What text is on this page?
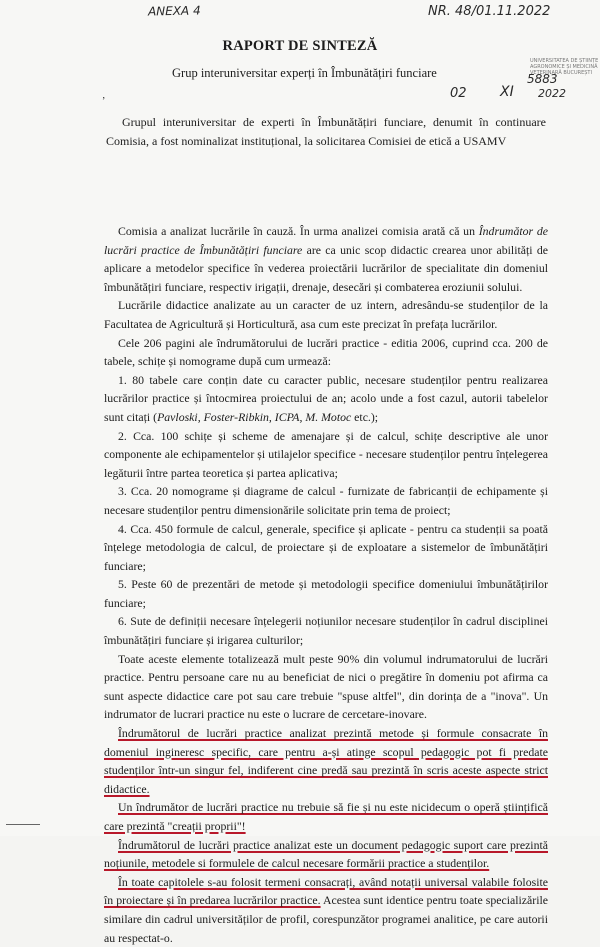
ANEXA 4	NR. 48/01.11.2022
UNIVERSITATEA DE ȘTIINȚE
AGRONOMICE ȘI MEDICINĂ
VETERINARĂ BUCUREȘTI
5883
02 XI 2022
RAPORT DE SINTEZĂ
Grup interuniversitar experți în Îmbunătățiri funciare
ʼ
Grupul interuniversitar de experti în Îmbunătățiri funciare, denumit în continuare Comisia, a fost nominalizat instituțional, la solicitarea Comisiei de etică a USAMV

Comisia a analizat lucrările în cauză. În urma analizei comisia arată că un Îndrumător de lucrări practice de Îmbunătățiri funciare are ca unic scop didactic crearea unor abilități de aplicare a metodelor specifice în vederea proiectării lucrărilor de specialitate din domeniul îmbunătățiri funciare, respectiv irigații, drenaje, desecări și combaterea eroziunii solului.

Lucrările didactice analizate au un caracter de uz intern, adresându-se studenților de la Facultatea de Agricultură și Horticultură, asa cum este precizat în prefața lucrărilor.

Cele 206 pagini ale îndrumătorului de lucrări practice - editia 2006, cuprind cca. 200 de tabele, schițe și nomograme după cum urmează:

1. 80 tabele care conțin date cu caracter public, necesare studenților pentru realizarea lucrărilor practice și întocmirea proiectului de an; acolo unde a fost cazul, autorii tabelelor sunt citați (Pavloski, Foster-Ribkin, ICPA, M. Motoc etc.);

2. Cca. 100 schițe și scheme de amenajare și de calcul, schițe descriptive ale unor componente ale echipamentelor și utilajelor specifice - necesare studenților pentru înțelegerea legăturii între partea teoretica și partea aplicativa;

3. Cca. 20 nomograme și diagrame de calcul - furnizate de fabricanții de echipamente și necesare studenților pentru dimensionările solicitate prin tema de proiect;

4. Cca. 450 formule de calcul, generale, specifice și aplicate - pentru ca studenții sa poată înțelege metodologia de calcul, de proiectare și de exploatare a sistemelor de îmbunătățiri funciare;

5. Peste 60 de prezentări de metode și metodologii specifice domeniului îmbunătățirilor funciare;

6. Sute de definiții necesare înțelegerii noțiunilor necesare studenților în cadrul disciplinei îmbunătățiri funciare și irigarea culturilor;

Toate aceste elemente totalizează mult peste 90% din volumul indrumatorului de lucrări practice. Pentru persoane care nu au beneficiat de nici o pregătire în domeniu pot afirma ca sunt aspecte didactice care pot sau care trebuie "spuse altfel", din dorința de a "inova". Un indrumator de lucrari practice nu este o lucrare de cercetare-inovare.

Îndrumătorul de lucrări practice analizat prezintă metode și formule consacrate în domeniul ingineresc specific, care pentru a-și atinge scopul pedagogic pot fi predate studenților într-un singur fel, indiferent cine predă sau prezintă în scris aceste aspecte strict didactice.

Un îndrumător de lucrări practice nu trebuie să fie și nu este nicidecum o operă științifică care prezintă "creații proprii"!

Îndrumătorul de lucrări practice analizat este un document pedagogic suport care prezintă noțiunile, metodele si formulele de calcul necesare formării practice a studenților.

În toate capitolele s-au folosit termeni consacrați, având notații universal valabile folosite în proiectare și în predarea lucrărilor practice. Acestea sunt identice pentru toate specializările similare din cadrul universităților de profil, corespunzător programei analitice, pe care autorii au respectat-o.
